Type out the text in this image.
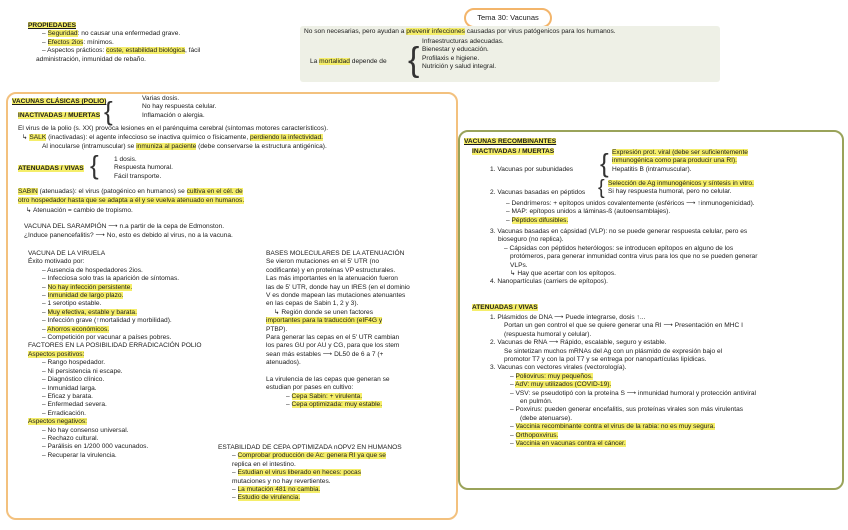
Tema 30: Vacunas
PROPIEDADES
– Seguridad: no causar una enfermedad grave.
– Efectos 2ios: mínimos.
– Aspectos prácticos: coste, estabilidad biológica, fácil
administración, inmunidad de rebaño.
No son necesarias, pero ayudan a prevenir infecciones causadas por virus patógenicos para los humanos.
La mortalidad depende de { Infraestructuras adecuadas.
Bienestar y educación.
Profilaxis e higiene.
Nutrición y salud integral.
VACUNAS CLÁSICAS (POLIO)
INACTIVADAS / MUERTAS {	Varias dosis.
No hay respuesta celular.
Inflamación o alergia.
El virus de la polio (s. XX) provoca lesiones en el parénquima cerebral (síntomas motores característicos).
↳ SALK (inactivadas): el agente infeccioso se inactiva químico o físicamente, perdiendo la infectividad.
Al inocularse (intramuscular) se inmuniza al paciente (debe conservarse la estructura antigénica).
ATENUADAS / VIVAS { 1 dosis.
Respuesta humoral.
Fácil transporte.
SABIN (atenuadas): el virus (patogénico en humanos) se cultiva en el cél. de
otro hospedador hasta que se adapta a él y se vuelva atenuado en humanos.
↳ Atenuación = cambio de tropismo.
VACUNA DEL SARAMPIÓN ⟶ n.a partir de la cepa de Edmonston.
¿Induce panencefalitis? ⟶ No, esto es debido al virus, no a la vacuna.
VACUNA DE LA VIRUELA
Éxito motivado por:
– Ausencia de hospedadores 2ios.
– Infecciosa solo tras la aparición de síntomas.
– No hay infección persistente.
– Inmunidad de largo plazo.
– 1 serotipo estable.
– Muy efectiva, estable y barata.
– Infección grave (↑mortalidad y morbilidad).
– Ahorros económicos.
– Competición por vacunar a países pobres.
FACTORES EN LA POSIBILIDAD ERRADICACIÓN POLIO
Aspectos positivos:
– Rango hospedador.
– Ni persistencia ni escape.
– Diagnóstico clínico.
– Inmunidad larga.
– Eficaz y barata.
– Enfermedad severa.
– Erradicación.
Aspectos negativos:
– No hay consenso universal.
– Rechazo cultural.
– Parálisis en 1/200 000 vacunados.
– Recuperar la virulencia.
BASES MOLECULARES DE LA ATENUACIÓN
Se vieron mutaciones en el 5' UTR (no
codificante) y en proteínas VP estructurales.
Las más importantes en la atenuación fueron
las de 5' UTR, donde hay un IRES (en el dominio
V es donde mapean las mutaciones atenuantes
en las cepas de Sabin 1, 2 y 3).
↳ Región donde se unen factores
importantes para la traducción (eIF4G y
PTBP).
Para generar las cepas en el 5' UTR cambian
los pares GU por AU y CG, para que los stem
sean más estables ⟶ DL50 de 6 a 7 (+
atenuados).
La virulencia de las cepas que generan se
estudian por pases en cultivo:
– Cepa Sabin: + virulenta.
– Cepa optimizada: muy estable.
ESTABILIDAD DE CEPA OPTIMIZADA nOPV2 EN HUMANOS
– Comprobar producción de Ac: genera RI ya que se
replica en el intestino.
– Estudian el virus liberado en heces: pocas
mutaciones y no hay revertientes.
– La mutación 481 no cambia.
– Estudio de virulencia.
VACUNAS RECOMBINANTES
INACTIVADAS / MUERTAS
1. Vacunas por subunidades { Expresión prot. viral (debe ser suficientemente
inmunogénica como para producir una RI).
Hepatitis B (intramuscular).
2. Vacunas basadas en péptidos { Selección de Ag inmunogénicos y síntesis in vitro.
Si hay respuesta humoral, pero no celular.
– Dendrímeros: + epítopos unidos covalentemente (esféricos ⟶ ↑inmunogenicidad).
– MAP: epítopos unidos a láminas-ß (autoensamblajes).
– Péptidos difusibles.
3. Vacunas basadas en cápsidad (VLP): no se puede generar respuesta celular, pero es
bioseguro (no replica).
– Cápsidas con péptidos heterólogos: se introducen epítopos en alguno de los
protómeros, para generar inmunidad contra virus para los que no se pueden generar
VLPs.
↳ Hay que acertar con los epítopos.
4. Nanopartículas (carriers de epítopos).
ATENUADAS / VIVAS
1. Plásmidos de DNA ⟶ Puede integrarse, dosis ↑...
Portan un gen control el que se quiere generar una RI ⟶ Presentación en MHC I
(respuesta humoral y celular).
2. Vacunas de RNA ⟶ Rápido, escalable, seguro y estable.
Se sintetizan muchos mRNAs del Ag con un plásmido de expresión bajo el
promotor T7 y con la pol T7 y se entrega por nanopartículas lipídicas.
3. Vacunas con vectores virales (vectorología).
– Poliovirus: muy pequeños.
– AdV: muy utilizados (COVID-19).
– VSV: se pseudotipó con la proteína S ⟶ inmunidad humoral y protección antiviral
en pulmón.
– Poxvirus: pueden generar encefalitis, sus proteínas virales son más virulentas
(debe atenuarse).
– Vaccinia recombinante contra el virus de la rabia: no es muy segura.
– Orthopoxvirus.
– Vaccinia en vacunas contra el cáncer.
